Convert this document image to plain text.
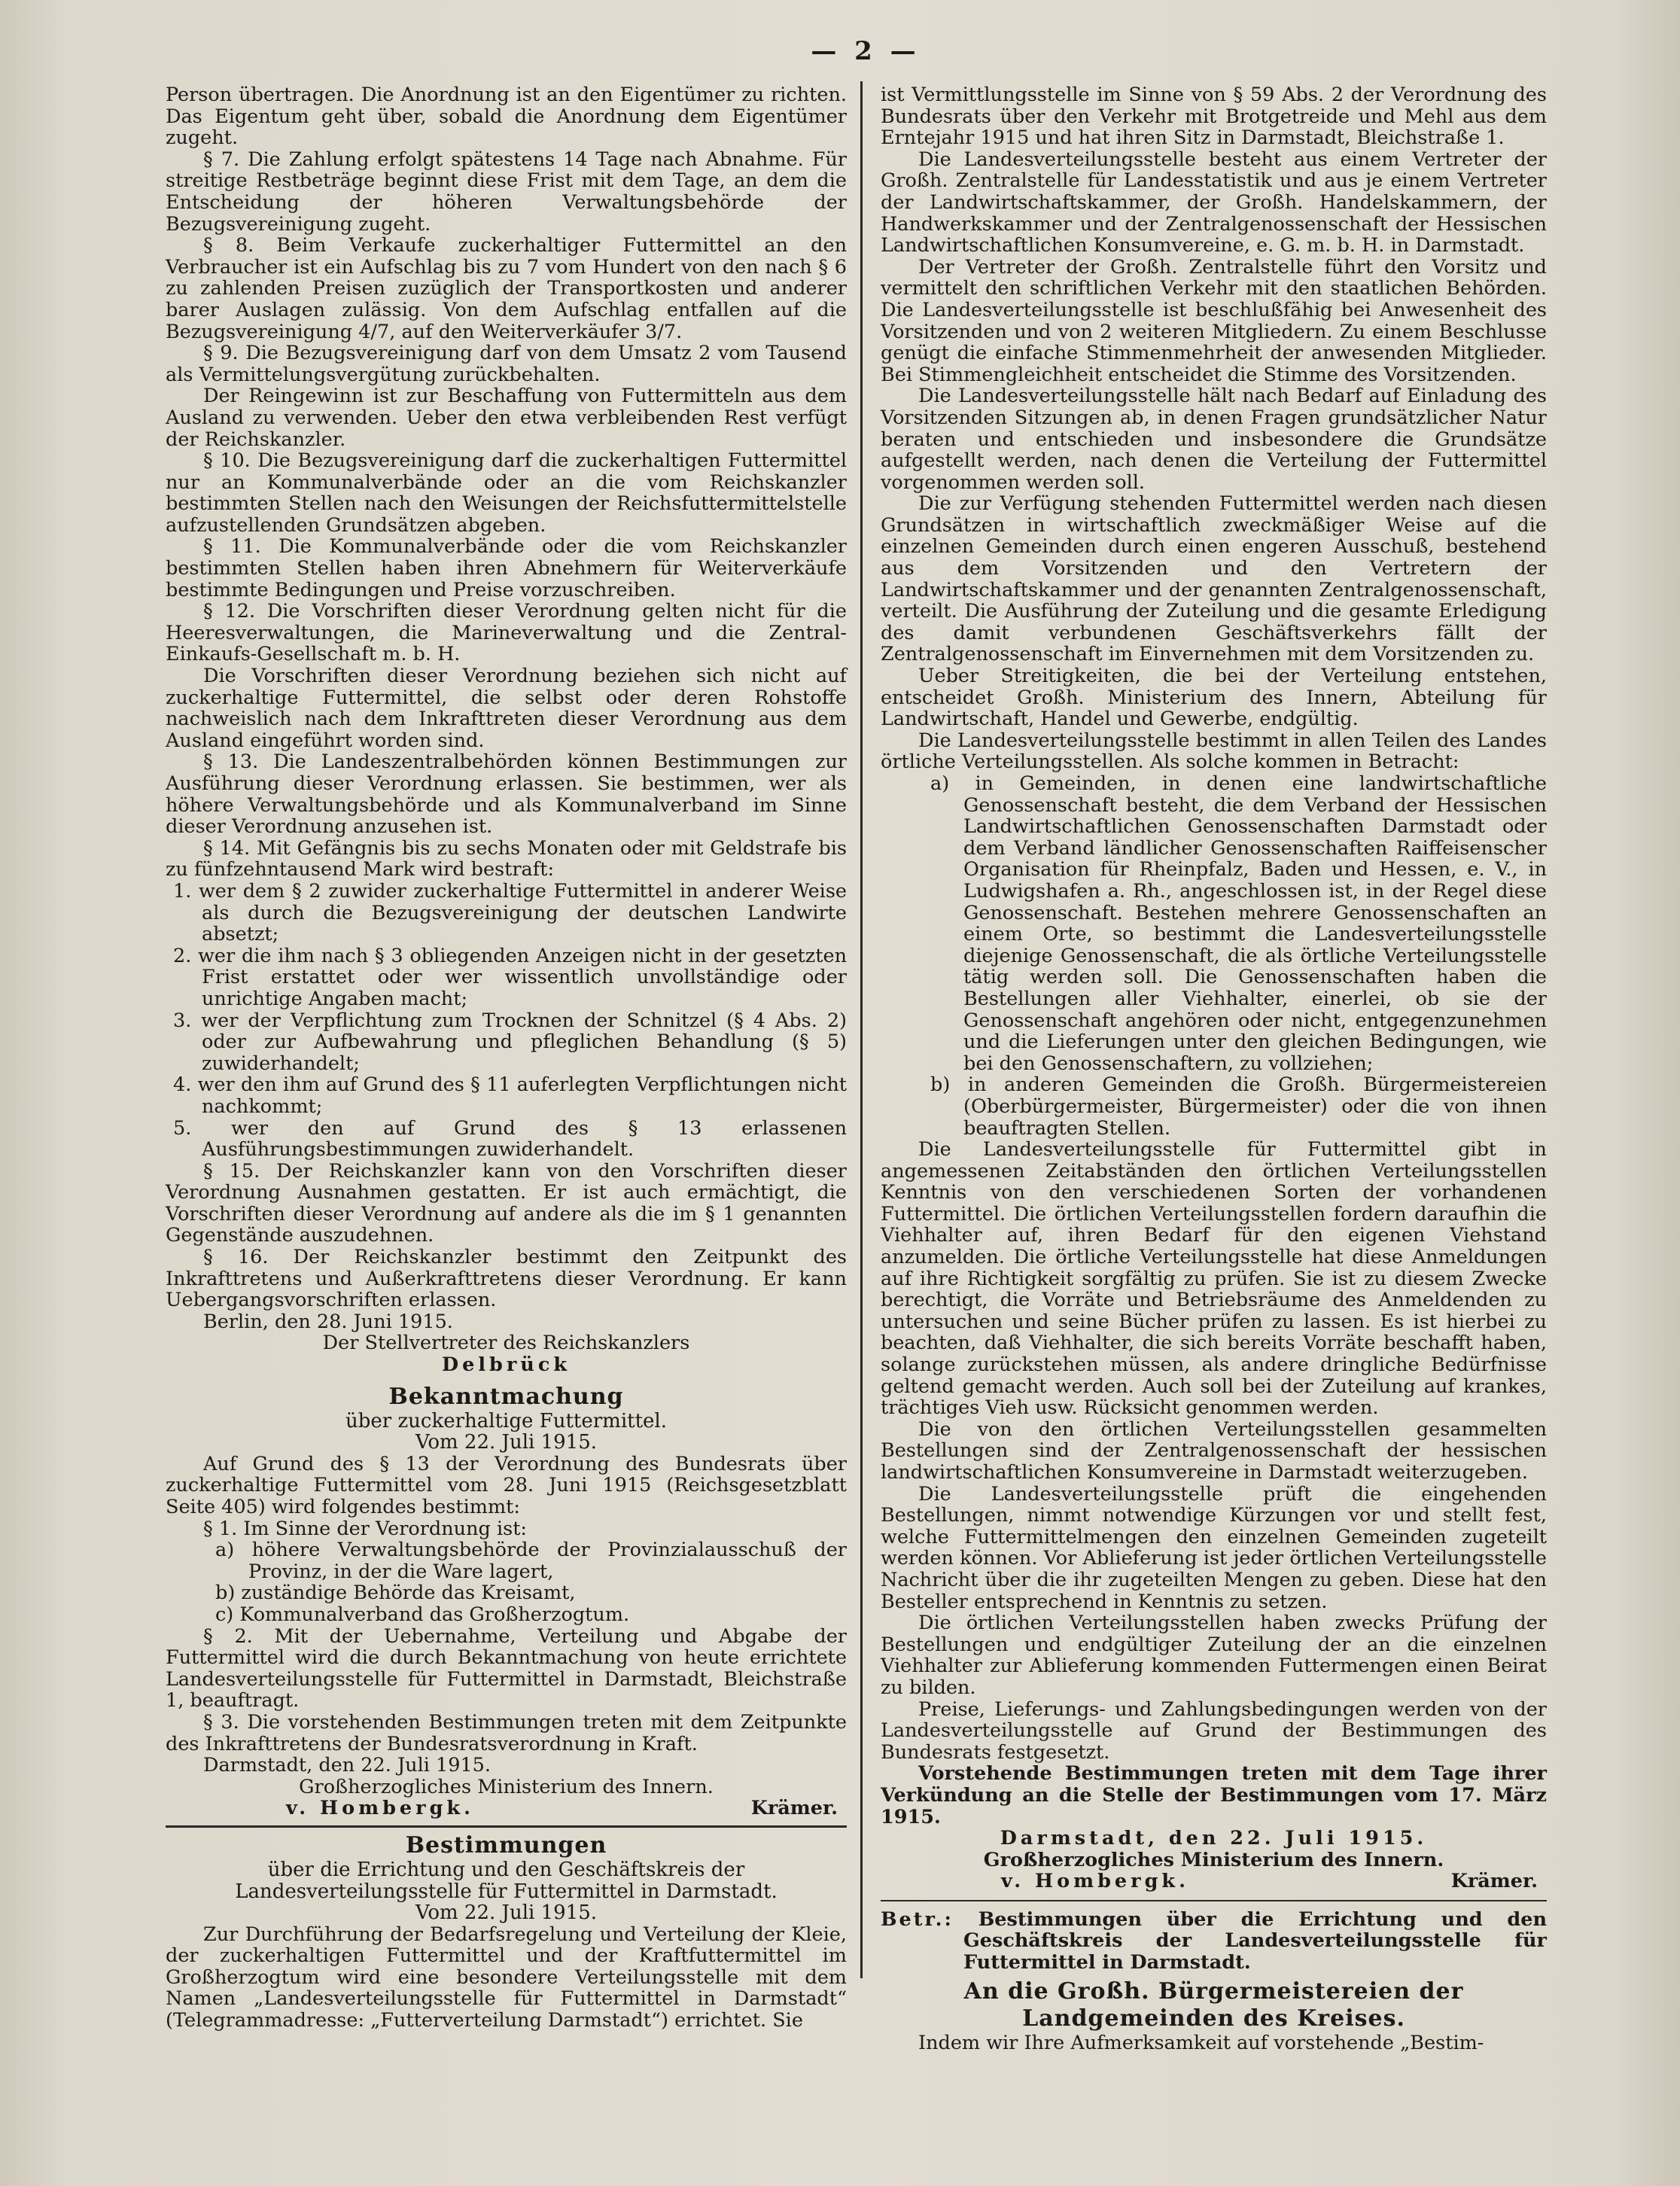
— 2 —

Person übertragen. Die Anordnung ist an den Eigentümer zu richten. Das Eigentum geht über, sobald die Anordnung dem Eigentümer zugeht.

§ 7. Die Zahlung erfolgt spätestens 14 Tage nach Abnahme. Für streitige Restbeträge beginnt diese Frist mit dem Tage, an dem die Entscheidung der höheren Verwaltungsbehörde der Bezugsvereinigung zugeht.

§ 8. Beim Verkaufe zuckerhaltiger Futtermittel an den Verbraucher ist ein Aufschlag bis zu 7 vom Hundert von den nach § 6 zu zahlenden Preisen zuzüglich der Transportkosten und anderer barer Auslagen zulässig. Von dem Aufschlag entfallen auf die Bezugsvereinigung 4/7, auf den Weiterverkäufer 3/7.

§ 9. Die Bezugsvereinigung darf von dem Umsatz 2 vom Tausend als Vermittelungsvergütung zurückbehalten.

Der Reingewinn ist zur Beschaffung von Futtermitteln aus dem Ausland zu verwenden. Ueber den etwa verbleibenden Rest verfügt der Reichskanzler.

§ 10. Die Bezugsvereinigung darf die zuckerhaltigen Futtermittel nur an Kommunalverbände oder an die vom Reichskanzler bestimmten Stellen nach den Weisungen der Reichsfuttermittelstelle aufzustellenden Grundsätzen abgeben.

§ 11. Die Kommunalverbände oder die vom Reichskanzler bestimmten Stellen haben ihren Abnehmern für Weiterverkäufe bestimmte Bedingungen und Preise vorzuschreiben.

§ 12. Die Vorschriften dieser Verordnung gelten nicht für die Heeresverwaltungen, die Marineverwaltung und die Zentral-Einkaufs-Gesellschaft m. b. H.

Die Vorschriften dieser Verordnung beziehen sich nicht auf zuckerhaltige Futtermittel, die selbst oder deren Rohstoffe nachweislich nach dem Inkrafttreten dieser Verordnung aus dem Ausland eingeführt worden sind.

§ 13. Die Landeszentralbehörden können Bestimmungen zur Ausführung dieser Verordnung erlassen. Sie bestimmen, wer als höhere Verwaltungsbehörde und als Kommunalverband im Sinne dieser Verordnung anzusehen ist.

§ 14. Mit Gefängnis bis zu sechs Monaten oder mit Geldstrafe bis zu fünfzehntausend Mark wird bestraft:

1. wer dem § 2 zuwider zuckerhaltige Futtermittel in anderer Weise als durch die Bezugsvereinigung der deutschen Landwirte absetzt;

2. wer die ihm nach § 3 obliegenden Anzeigen nicht in der gesetzten Frist erstattet oder wer wissentlich unvollständige oder unrichtige Angaben macht;

3. wer der Verpflichtung zum Trocknen der Schnitzel (§ 4 Abs. 2) oder zur Aufbewahrung und pfleglichen Behandlung (§ 5) zuwiderhandelt;

4. wer den ihm auf Grund des § 11 auferlegten Verpflichtungen nicht nachkommt;

5. wer den auf Grund des § 13 erlassenen Ausführungsbestimmungen zuwiderhandelt.

§ 15. Der Reichskanzler kann von den Vorschriften dieser Verordnung Ausnahmen gestatten. Er ist auch ermächtigt, die Vorschriften dieser Verordnung auf andere als die im § 1 genannten Gegenstände auszudehnen.

§ 16. Der Reichskanzler bestimmt den Zeitpunkt des Inkrafttretens und Außerkrafttretens dieser Verordnung. Er kann Uebergangsvorschriften erlassen.

Berlin, den 28. Juni 1915.

Der Stellvertreter des Reichskanzlers

Delbrück

Bekanntmachung

über zuckerhaltige Futtermittel.

Vom 22. Juli 1915.

Auf Grund des § 13 der Verordnung des Bundesrats über zuckerhaltige Futtermittel vom 28. Juni 1915 (Reichsgesetzblatt Seite 405) wird folgendes bestimmt:

§ 1. Im Sinne der Verordnung ist:

a) höhere Verwaltungsbehörde der Provinzialausschuß der Provinz, in der die Ware lagert,

b) zuständige Behörde das Kreisamt,

c) Kommunalverband das Großherzogtum.

§ 2. Mit der Uebernahme, Verteilung und Abgabe der Futtermittel wird die durch Bekanntmachung von heute errichtete Landesverteilungsstelle für Futtermittel in Darmstadt, Bleichstraße 1, beauftragt.

§ 3. Die vorstehenden Bestimmungen treten mit dem Zeitpunkte des Inkrafttretens der Bundesratsverordnung in Kraft.

Darmstadt, den 22. Juli 1915.

Großherzogliches Ministerium des Innern.

v. Hombergk.	Krämer.

Bestimmungen

über die Errichtung und den Geschäftskreis der Landesverteilungsstelle für Futtermittel in Darmstadt.

Vom 22. Juli 1915.

Zur Durchführung der Bedarfsregelung und Verteilung der Kleie, der zuckerhaltigen Futtermittel und der Kraftfuttermittel im Großherzogtum wird eine besondere Verteilungsstelle mit dem Namen „Landesverteilungsstelle für Futtermittel in Darmstadt“ (Telegrammadresse: „Futterverteilung Darmstadt“) errichtet. Sie

ist Vermittlungsstelle im Sinne von § 59 Abs. 2 der Verordnung des Bundesrats über den Verkehr mit Brotgetreide und Mehl aus dem Erntejahr 1915 und hat ihren Sitz in Darmstadt, Bleichstraße 1.

Die Landesverteilungsstelle besteht aus einem Vertreter der Großh. Zentralstelle für Landesstatistik und aus je einem Vertreter der Landwirtschaftskammer, der Großh. Handelskammern, der Handwerkskammer und der Zentralgenossenschaft der Hessischen Landwirtschaftlichen Konsumvereine, e. G. m. b. H. in Darmstadt.

Der Vertreter der Großh. Zentralstelle führt den Vorsitz und vermittelt den schriftlichen Verkehr mit den staatlichen Behörden. Die Landesverteilungsstelle ist beschlußfähig bei Anwesenheit des Vorsitzenden und von 2 weiteren Mitgliedern. Zu einem Beschlusse genügt die einfache Stimmenmehrheit der anwesenden Mitglieder. Bei Stimmengleichheit entscheidet die Stimme des Vorsitzenden.

Die Landesverteilungsstelle hält nach Bedarf auf Einladung des Vorsitzenden Sitzungen ab, in denen Fragen grundsätzlicher Natur beraten und entschieden und insbesondere die Grundsätze aufgestellt werden, nach denen die Verteilung der Futtermittel vorgenommen werden soll.

Die zur Verfügung stehenden Futtermittel werden nach diesen Grundsätzen in wirtschaftlich zweckmäßiger Weise auf die einzelnen Gemeinden durch einen engeren Ausschuß, bestehend aus dem Vorsitzenden und den Vertretern der Landwirtschaftskammer und der genannten Zentralgenossenschaft, verteilt. Die Ausführung der Zuteilung und die gesamte Erledigung des damit verbundenen Geschäftsverkehrs fällt der Zentralgenossenschaft im Einvernehmen mit dem Vorsitzenden zu.

Ueber Streitigkeiten, die bei der Verteilung entstehen, entscheidet Großh. Ministerium des Innern, Abteilung für Landwirtschaft, Handel und Gewerbe, endgültig.

Die Landesverteilungsstelle bestimmt in allen Teilen des Landes örtliche Verteilungsstellen. Als solche kommen in Betracht:

a) in Gemeinden, in denen eine landwirtschaftliche Genossenschaft besteht, die dem Verband der Hessischen Landwirtschaftlichen Genossenschaften Darmstadt oder dem Verband ländlicher Genossenschaften Raiffeisenscher Organisation für Rheinpfalz, Baden und Hessen, e. V., in Ludwigshafen a. Rh., angeschlossen ist, in der Regel diese Genossenschaft. Bestehen mehrere Genossenschaften an einem Orte, so bestimmt die Landesverteilungsstelle diejenige Genossenschaft, die als örtliche Verteilungsstelle tätig werden soll. Die Genossenschaften haben die Bestellungen aller Viehhalter, einerlei, ob sie der Genossenschaft angehören oder nicht, entgegenzunehmen und die Lieferungen unter den gleichen Bedingungen, wie bei den Genossenschaftern, zu vollziehen;

b) in anderen Gemeinden die Großh. Bürgermeistereien (Oberbürgermeister, Bürgermeister) oder die von ihnen beauftragten Stellen.

Die Landesverteilungsstelle für Futtermittel gibt in angemessenen Zeitabständen den örtlichen Verteilungsstellen Kenntnis von den verschiedenen Sorten der vorhandenen Futtermittel. Die örtlichen Verteilungsstellen fordern daraufhin die Viehhalter auf, ihren Bedarf für den eigenen Viehstand anzumelden. Die örtliche Verteilungsstelle hat diese Anmeldungen auf ihre Richtigkeit sorgfältig zu prüfen. Sie ist zu diesem Zwecke berechtigt, die Vorräte und Betriebsräume des Anmeldenden zu untersuchen und seine Bücher prüfen zu lassen. Es ist hierbei zu beachten, daß Viehhalter, die sich bereits Vorräte beschafft haben, solange zurückstehen müssen, als andere dringliche Bedürfnisse geltend gemacht werden. Auch soll bei der Zuteilung auf krankes, trächtiges Vieh usw. Rücksicht genommen werden.

Die von den örtlichen Verteilungsstellen gesammelten Bestellungen sind der Zentralgenossenschaft der hessischen landwirtschaftlichen Konsumvereine in Darmstadt weiterzugeben.

Die Landesverteilungsstelle prüft die eingehenden Bestellungen, nimmt notwendige Kürzungen vor und stellt fest, welche Futtermittelmengen den einzelnen Gemeinden zugeteilt werden können. Vor Ablieferung ist jeder örtlichen Verteilungsstelle Nachricht über die ihr zugeteilten Mengen zu geben. Diese hat den Besteller entsprechend in Kenntnis zu setzen.

Die örtlichen Verteilungsstellen haben zwecks Prüfung der Bestellungen und endgültiger Zuteilung der an die einzelnen Viehhalter zur Ablieferung kommenden Futtermengen einen Beirat zu bilden.

Preise, Lieferungs- und Zahlungsbedingungen werden von der Landesverteilungsstelle auf Grund der Bestimmungen des Bundesrats festgesetzt.

Vorstehende Bestimmungen treten mit dem Tage ihrer Verkündung an die Stelle der Bestimmungen vom 17. März 1915.

Darmstadt, den 22. Juli 1915.

Großherzogliches Ministerium des Innern.

v. Hombergk.	Krämer.

Betr.: Bestimmungen über die Errichtung und den Geschäftskreis der Landesverteilungsstelle für Futtermittel in Darmstadt.

An die Großh. Bürgermeistereien der Landgemeinden des Kreises.

Indem wir Ihre Aufmerksamkeit auf vorstehende „Bestim-
